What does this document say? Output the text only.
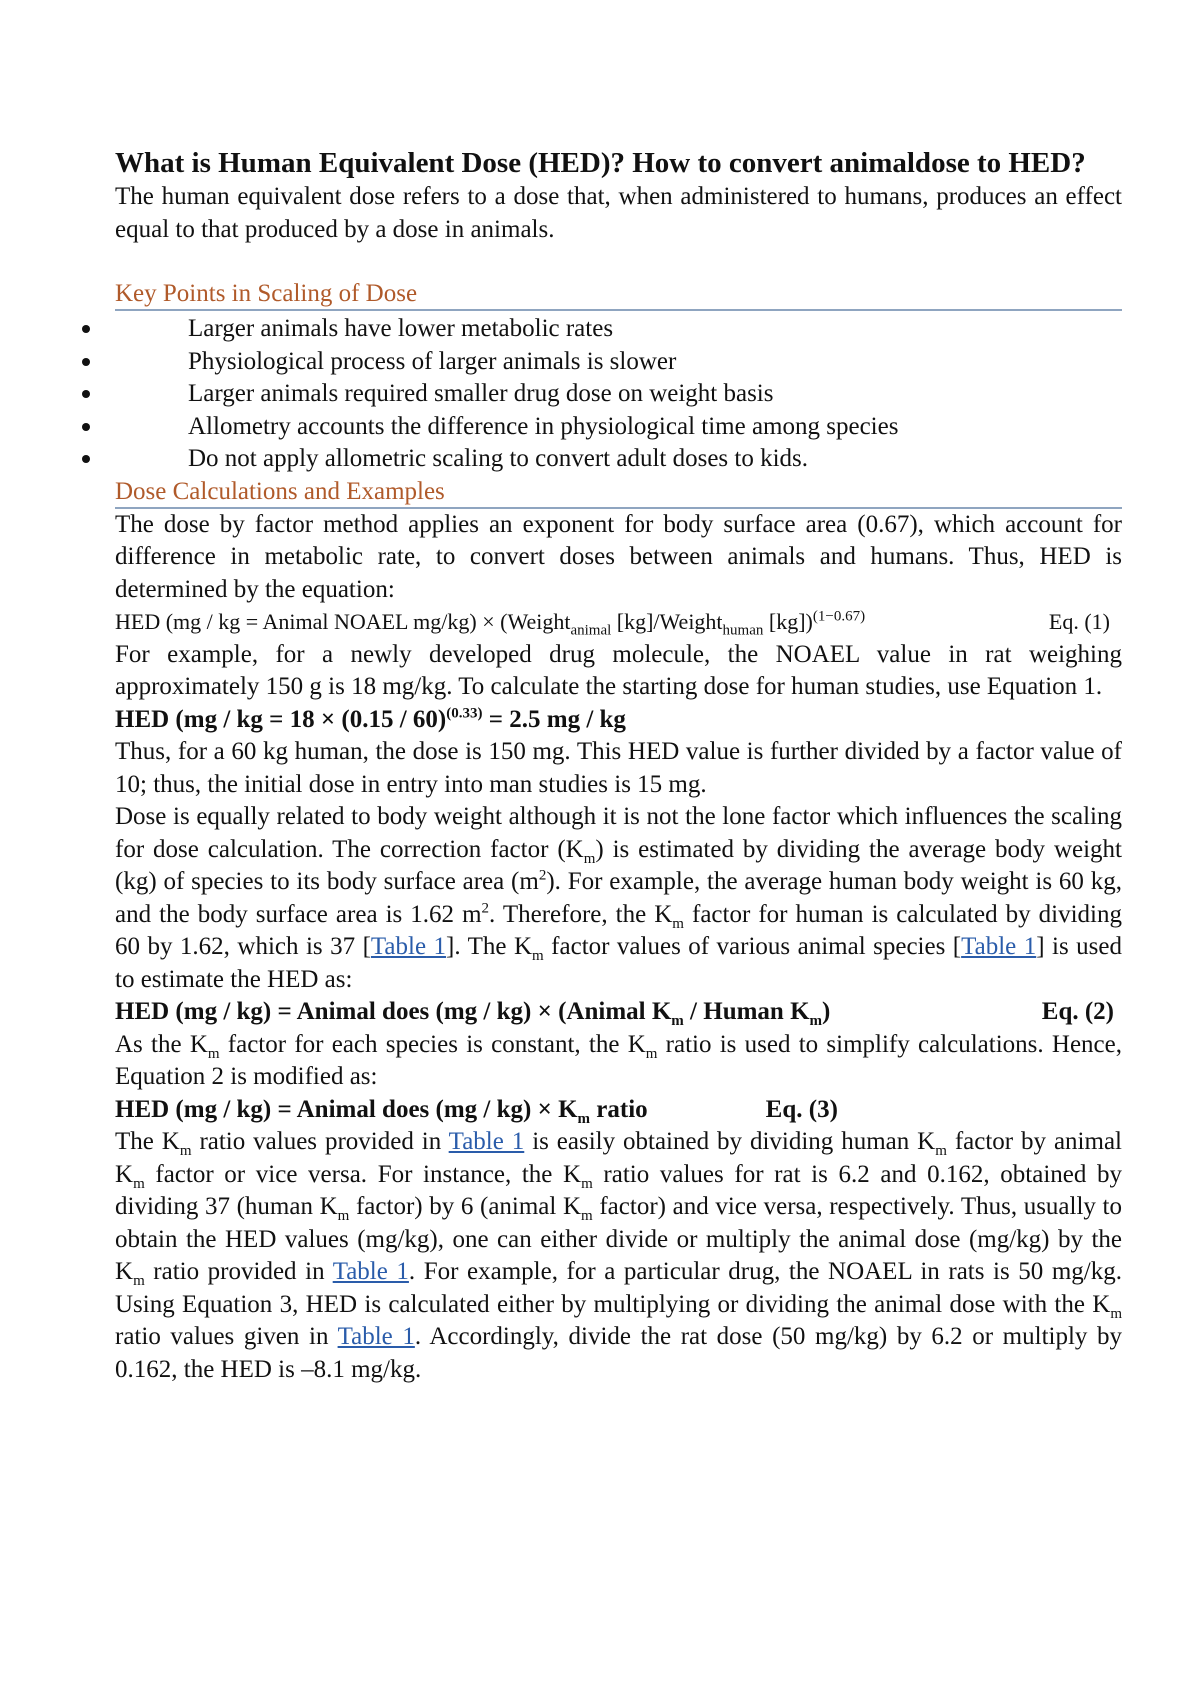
What is Human Equivalent Dose (HED)? How to convert animaldose to HED?

The human equivalent dose refers to a dose that, when administered to humans, produces an effect equal to that produced by a dose in animals.

Key Points in Scaling of Dose
Larger animals have lower metabolic rates
Physiological process of larger animals is slower
Larger animals required smaller drug dose on weight basis
Allometry accounts the difference in physiological time among species
Do not apply allometric scaling to convert adult doses to kids.
Dose Calculations and Examples

The dose by factor method applies an exponent for body surface area (0.67), which account for difference in metabolic rate, to convert doses between animals and humans. Thus, HED is determined by the equation:

HED (mg / kg = Animal NOAEL mg/kg) × (Weight$_{animal}$ [kg]/Weight$_{human}$ [kg])$^{(1-0.67)}$	Eq. (1)

For example, for a newly developed drug molecule, the NOAEL value in rat weighing approximately 150 g is 18 mg/kg. To calculate the starting dose for human studies, use Equation 1.

HED (mg / kg = 18 × (0.15 / 60)$^{(0.33)}$ = 2.5 mg / kg

Thus, for a 60 kg human, the dose is 150 mg. This HED value is further divided by a factor value of 10; thus, the initial dose in entry into man studies is 15 mg.

Dose is equally related to body weight although it is not the lone factor which influences the scaling for dose calculation. The correction factor $(K_m)$ is estimated by dividing the average body weight (kg) of species to its body surface area $(m^2)$. For example, the average human body weight is 60 kg, and the body surface area is 1.62 $m^2$. Therefore, the $K_m$ factor for human is calculated by dividing 60 by 1.62, which is 37 [Table 1]. The $K_m$ factor values of various animal species [Table 1] is used to estimate the HED as:

HED (mg / kg) = Animal does (mg / kg) × (Animal $K_m$ / Human $K_m$)	Eq. (2)

As the $K_m$ factor for each species is constant, the $K_m$ ratio is used to simplify calculations. Hence, Equation 2 is modified as:

HED (mg / kg) = Animal does $(mg / kg) \times K_m$ ratio	Eq. (3)

The $K_m$ ratio values provided in Table 1 is easily obtained by dividing human $K_m$ factor by animal $K_m$ factor or vice versa. For instance, the $K_m$ ratio values for rat is 6.2 and 0.162, obtained by dividing 37 (human $K_m$ factor) by 6 (animal $K_m$ factor) and vice versa, respectively. Thus, usually to obtain the HED values (mg/kg), one can either divide or multiply the animal dose (mg/kg) by the $K_m$ ratio provided in Table 1. For example, for a particular drug, the NOAEL in rats is 50 mg/kg. Using Equation 3, HED is calculated either by multiplying or dividing the animal dose with the $K_m$ ratio values given in Table 1. Accordingly, divide the rat dose (50 mg/kg) by 6.2 or multiply by 0.162, the HED is –8.1 mg/kg.
